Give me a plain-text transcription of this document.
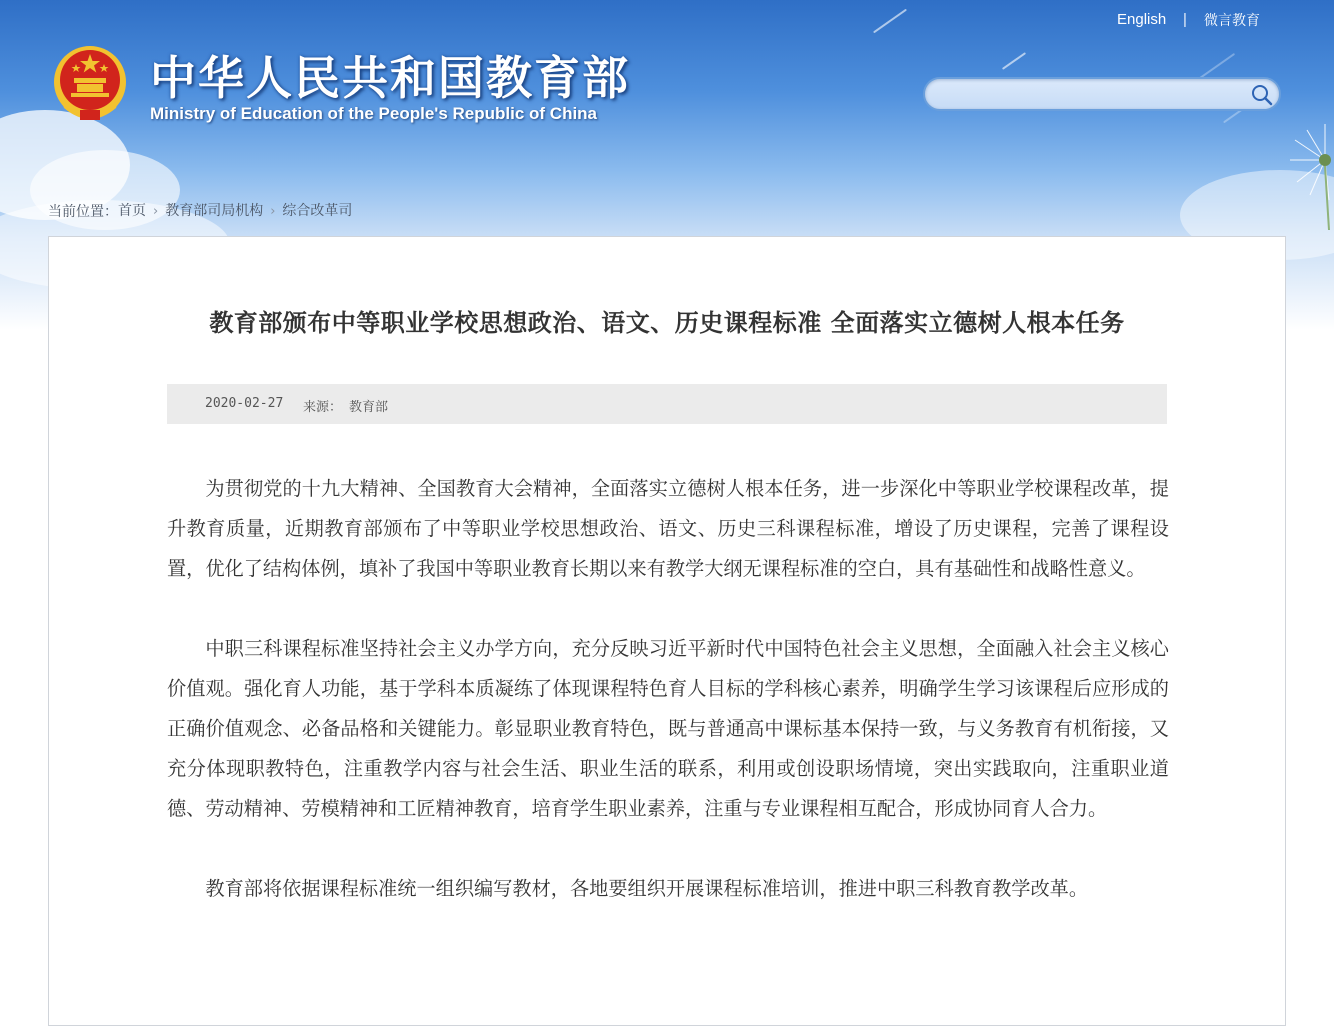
中华人民共和国教育部
Ministry of Education of the People's Republic of China
English | 微言教育
当前位置：首页 › 教育部司局机构 › 综合改革司
教育部颁布中等职业学校思想政治、语文、历史课程标准 全面落实立德树人根本任务
2020-02-27 来源： 教育部

为贯彻党的十九大精神、全国教育大会精神，全面落实立德树人根本任务，进一步深化中等职业学校课程改革，提升教育质量，近期教育部颁布了中等职业学校思想政治、语文、历史三科课程标准，增设了历史课程，完善了课程设置，优化了结构体例，填补了我国中等职业教育长期以来有教学大纲无课程标准的空白，具有基础性和战略性意义。

中职三科课程标准坚持社会主义办学方向，充分反映习近平新时代中国特色社会主义思想，全面融入社会主义核心价值观。强化育人功能，基于学科本质凝练了体现课程特色育人目标的学科核心素养，明确学生学习该课程后应形成的正确价值观念、必备品格和关键能力。彰显职业教育特色，既与普通高中课标基本保持一致，与义务教育有机衔接，又充分体现职教特色，注重教学内容与社会生活、职业生活的联系，利用或创设职场情境，突出实践取向，注重职业道德、劳动精神、劳模精神和工匠精神教育，培育学生职业素养，注重与专业课程相互配合，形成协同育人合力。

教育部将依据课程标准统一组织编写教材，各地要组织开展课程标准培训，推进中职三科教育教学改革。
